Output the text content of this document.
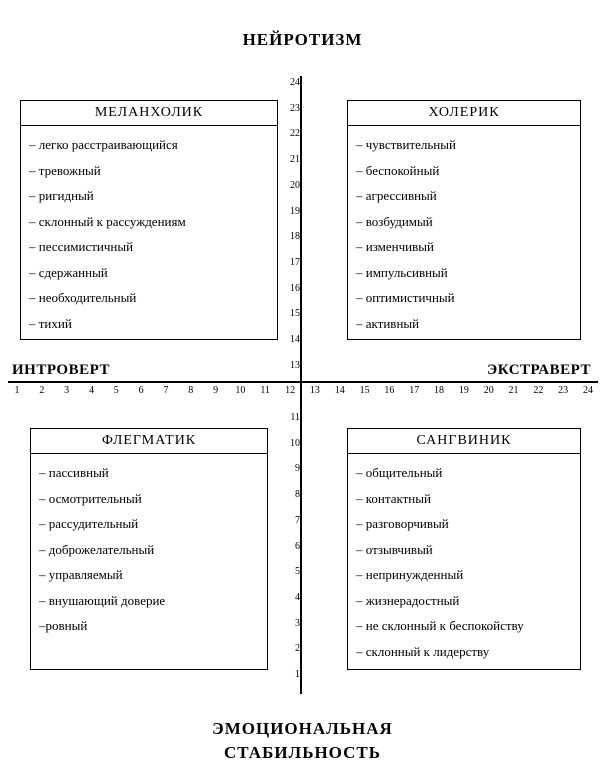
НЕЙРОТИЗМ
ИНТРОВЕРТ	ЭКСТРАВЕРТ
24
23
22
21
20
19
18
17
16
15
14
13
11
10
9
8
7
6
5
4
3
2
1
1	2	3	4	5	6	7	8	9	10	11	12	13	14	15	16	17	18	19	20	21	22	23	24
МЕЛАНХОЛИК
– легко расстраивающийся
– тревожный
– ригидный
– склонный к рассуждениям
– пессимистичный
– сдержанный
– необходительный
– тихий
ХОЛЕРИК
– чувствительный
– беспокойный
– агрессивный
– возбудимый
– изменчивый
– импульсивный
– оптимистичный
– активный
ФЛЕГМАТИК
– пассивный
– осмотрительный
– рассудительный
– доброжелательный
– управляемый
– внушающий доверие
–ровный
САНГВИНИК
– общительный
– контактный
– разговорчивый
– отзывчивый
– непринужденный
– жизнерадостный
– не склонный к беспокойству
– склонный к лидерству
ЭМОЦИОНАЛЬНАЯ
СТАБИЛЬНОСТЬ
